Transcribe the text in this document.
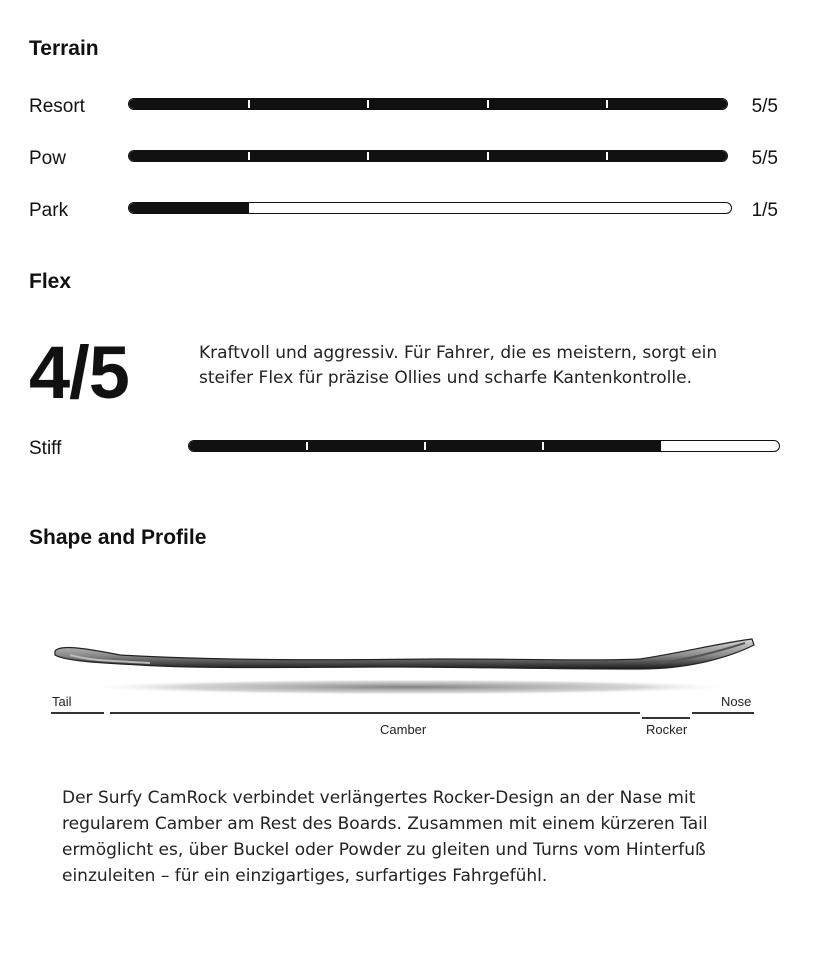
Terrain
Resort	5/5
Pow	5/5
Park	1/5
Flex
4/5	Kraftvoll und aggressiv. Für Fahrer, die es meistern, sorgt ein
steifer Flex für präzise Ollies und scharfe Kantenkontrolle.
Stiff
Shape and Profile
Tail
Camber	Rocker
Nose
Der Surfy CamRock verbindet verlängertes Rocker-Design an der Nase mit
regularem Camber am Rest des Boards. Zusammen mit einem kürzeren Tail
ermöglicht es, über Buckel oder Powder zu gleiten und Turns vom Hinterfuß
einzuleiten – für ein einzigartiges, surfartiges Fahrgefühl.
